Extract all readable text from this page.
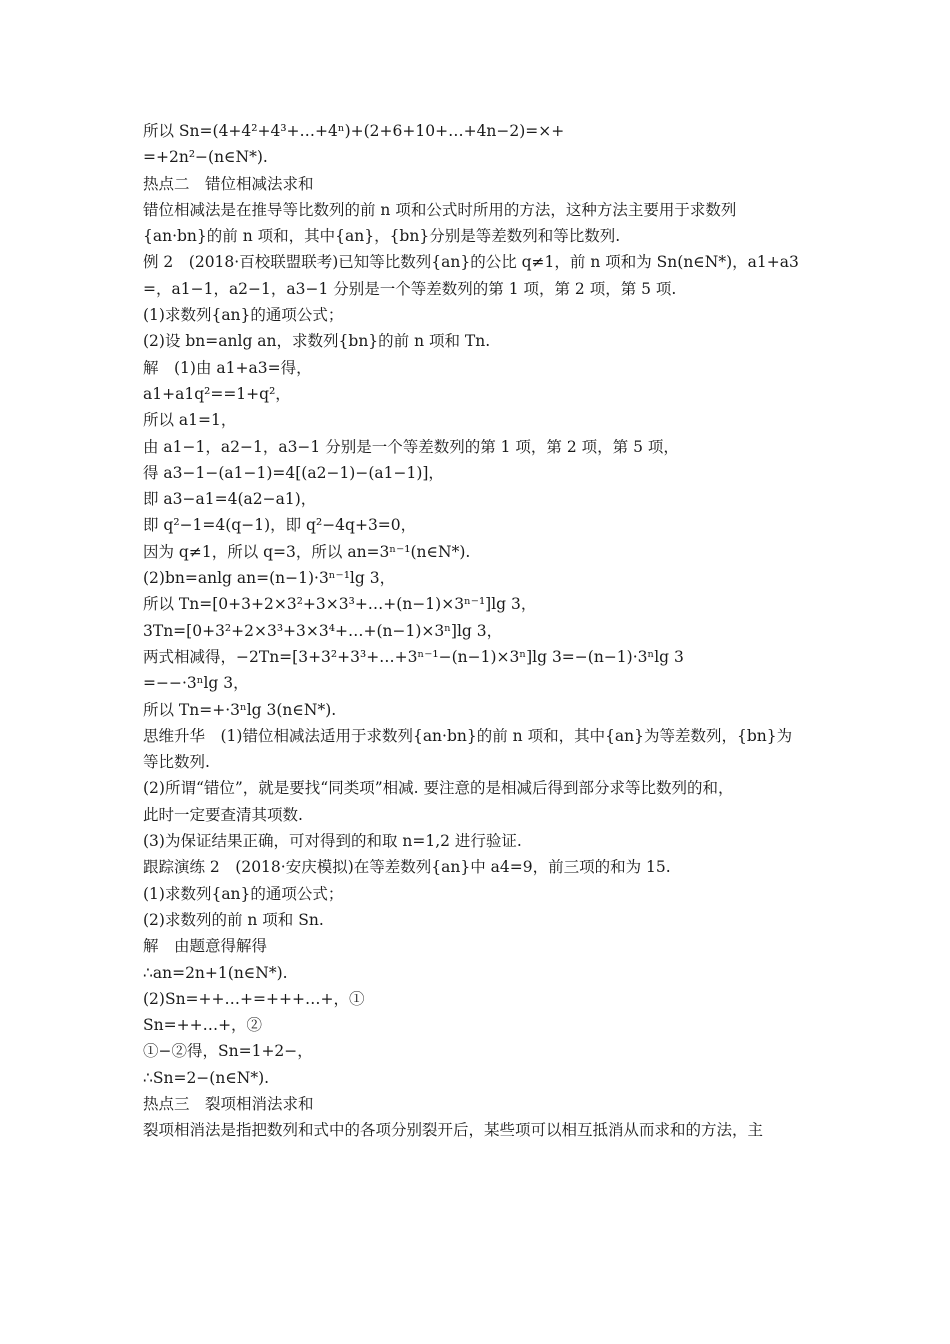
所以 Sn=(4+4²+4³+…+4ⁿ)+(2+6+10+…+4n−2)=×+
=+2n²−(n∈N*).
热点二　错位相减法求和
错位相减法是在推导等比数列的前 n 项和公式时所用的方法，这种方法主要用于求数列
{an·bn}的前 n 项和，其中{an}，{bn}分别是等差数列和等比数列.
例 2　(2018·百校联盟联考)已知等比数列{an}的公比 q≠1，前 n 项和为 Sn(n∈N*)，a1+a3
=，a1−1，a2−1，a3−1 分别是一个等差数列的第 1 项，第 2 项，第 5 项.
(1)求数列{an}的通项公式；
(2)设 bn=anlg an，求数列{bn}的前 n 项和 Tn.
解　(1)由 a1+a3=得，
a1+a1q²==1+q²，
所以 a1=1，
由 a1−1，a2−1，a3−1 分别是一个等差数列的第 1 项，第 2 项，第 5 项，
得 a3−1−(a1−1)=4[(a2−1)−(a1−1)]，
即 a3−a1=4(a2−a1)，
即 q²−1=4(q−1)，即 q²−4q+3=0，
因为 q≠1，所以 q=3，所以 an=3ⁿ⁻¹(n∈N*).
(2)bn=anlg an=(n−1)·3ⁿ⁻¹lg 3，
所以 Tn=[0+3+2×3²+3×3³+…+(n−1)×3ⁿ⁻¹]lg 3，
3Tn=[0+3²+2×3³+3×3⁴+…+(n−1)×3ⁿ]lg 3，
两式相减得，−2Tn=[3+3²+3³+…+3ⁿ⁻¹−(n−1)×3ⁿ]lg 3=−(n−1)·3ⁿlg 3
=−−·3ⁿlg 3，
所以 Tn=+·3ⁿlg 3(n∈N*).
思维升华　(1)错位相减法适用于求数列{an·bn}的前 n 项和，其中{an}为等差数列，{bn}为
等比数列.
(2)所谓“错位”，就是要找“同类项”相减. 要注意的是相减后得到部分求等比数列的和，
此时一定要查清其项数.
(3)为保证结果正确，可对得到的和取 n=1,2 进行验证.
跟踪演练 2　(2018·安庆模拟)在等差数列{an}中 a4=9，前三项的和为 15.
(1)求数列{an}的通项公式；
(2)求数列的前 n 项和 Sn.
解　由题意得解得
∴an=2n+1(n∈N*).
(2)Sn=++…+=+++…+，①
Sn=++…+，②
①−②得，Sn=1+2−，
∴Sn=2−(n∈N*).
热点三　裂项相消法求和
裂项相消法是指把数列和式中的各项分别裂开后，某些项可以相互抵消从而求和的方法，主
